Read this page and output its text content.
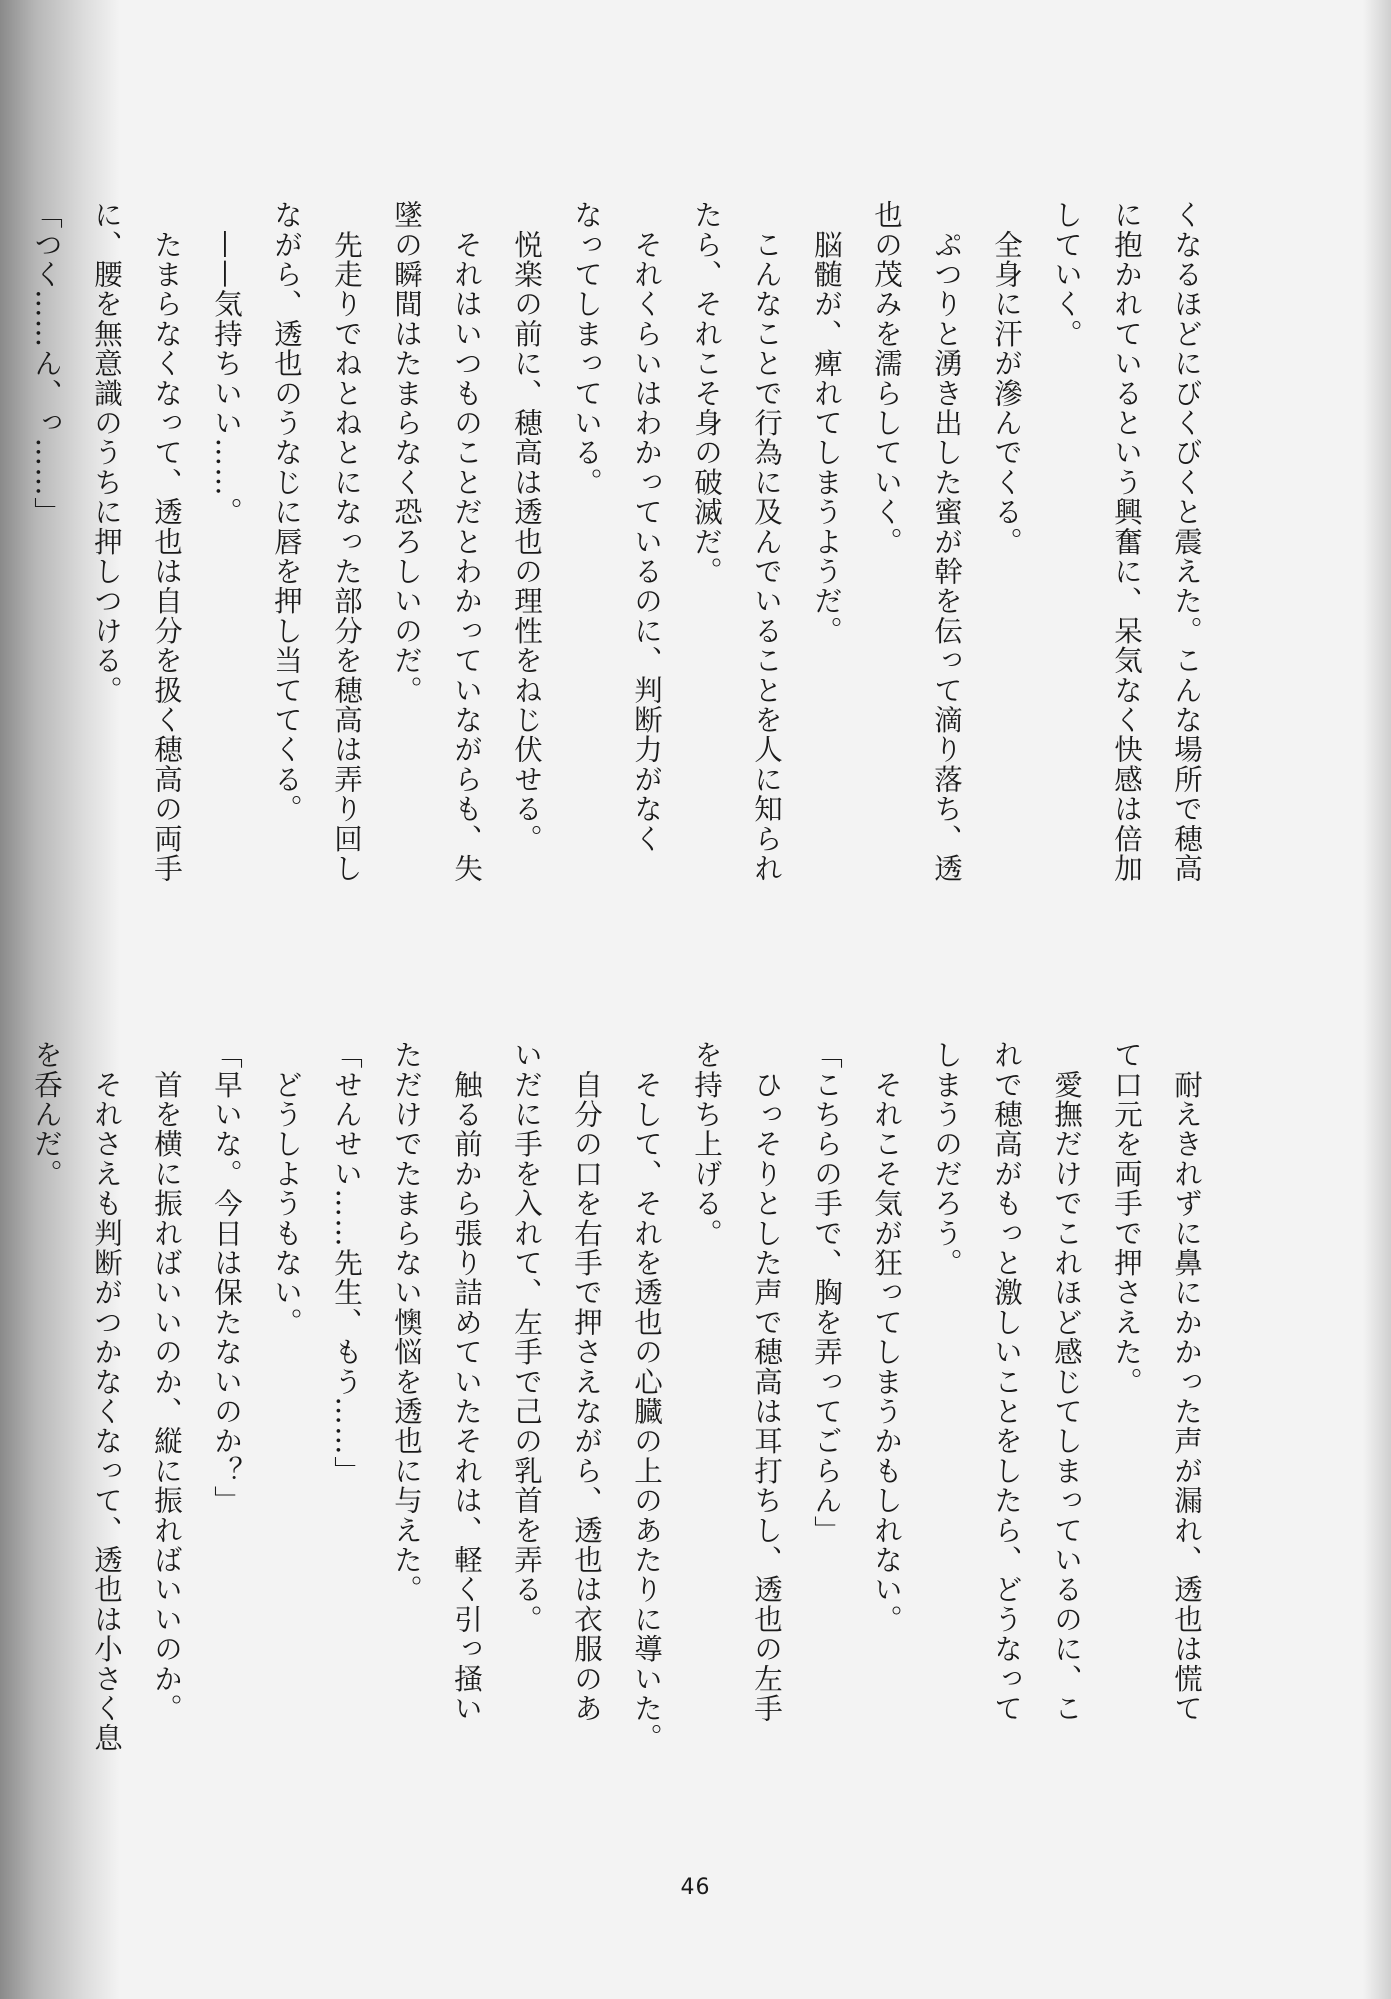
くなるほどにびくびくと震えた。こんな場所で穂高
に抱かれているという興奮に、呆気なく快感は倍加
していく。
　全身に汗が滲んでくる。
　ぷつりと湧き出した蜜が幹を伝って滴り落ち、透
也の茂みを濡らしていく。
　脳髄が、痺れてしまうようだ。
　こんなことで行為に及んでいることを人に知られ
たら、それこそ身の破滅だ。
　それくらいはわかっているのに、判断力がなく
なってしまっている。
　悦楽の前に、穂高は透也の理性をねじ伏せる。
　それはいつものことだとわかっていながらも、失
墜の瞬間はたまらなく恐ろしいのだ。
　先走りでねとねとになった部分を穂高は弄り回し
ながら、透也のうなじに唇を押し当ててくる。
　——気持ちいい……。
　たまらなくなって、透也は自分を扱く穂高の両手
に、腰を無意識のうちに押しつける。
「つく……ん、っ……」
　耐えきれずに鼻にかかった声が漏れ、透也は慌て
て口元を両手で押さえた。
　愛撫だけでこれほど感じてしまっているのに、こ
れで穂高がもっと激しいことをしたら、どうなって
しまうのだろう。
　それこそ気が狂ってしまうかもしれない。
「こちらの手で、胸を弄ってごらん」
　ひっそりとした声で穂高は耳打ちし、透也の左手
を持ち上げる。
　そして、それを透也の心臓の上のあたりに導いた。
　自分の口を右手で押さえながら、透也は衣服のあ
いだに手を入れて、左手で己の乳首を弄る。
　触る前から張り詰めていたそれは、軽く引っ掻い
ただけでたまらない懊悩を透也に与えた。
「せんせい……先生、もう……」
　どうしようもない。
「早いな。今日は保たないのか？」
　首を横に振ればいいのか、縦に振ればいいのか。
　それさえも判断がつかなくなって、透也は小さく息
を呑んだ。
46
